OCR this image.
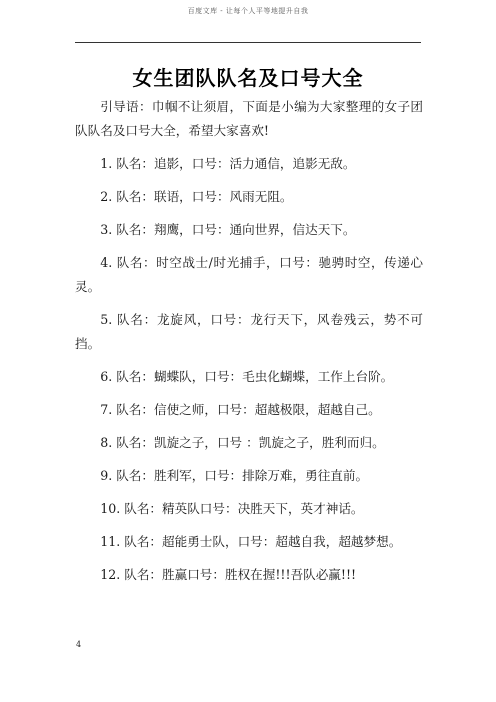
百度文库 - 让每个人平等地提升自我
女生团队队名及口号大全

引导语：巾帼不让须眉，下面是小编为大家整理的女子团队队名及口号大全，希望大家喜欢!

1. 队名：追影，口号：活力通信，追影无敌。

2. 队名：联语，口号：风雨无阻。

3. 队名：翔鹰，口号：通向世界，信达天下。

4. 队名：时空战士/时光捕手，口号：驰骋时空，传递心灵。

5. 队名：龙旋风，口号：龙行天下，风卷残云，势不可挡。

6. 队名：蝴蝶队，口号：毛虫化蝴蝶，工作上台阶。

7. 队名：信使之师，口号：超越极限，超越自己。

8. 队名：凯旋之子，口号 ：凯旋之子，胜利而归。

9. 队名：胜利军，口号：排除万难，勇往直前。

10. 队名：精英队口号：决胜天下，英才神话。

11. 队名：超能勇士队，口号：超越自我，超越梦想。

12. 队名：胜赢口号：胜权在握!!!吾队必赢!!!

4
